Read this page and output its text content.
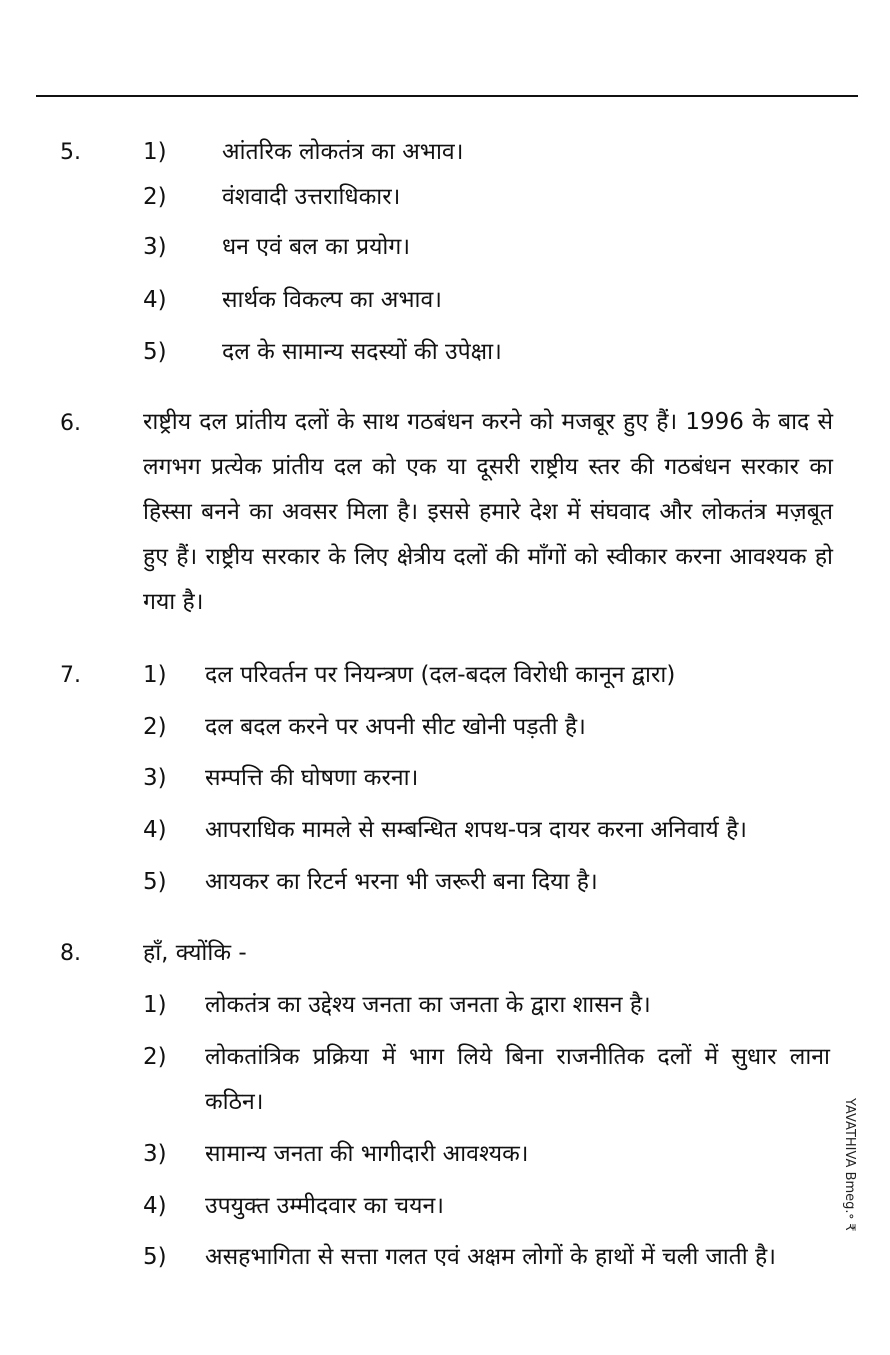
5.	1)	आंतरिक लोकतंत्र का अभाव।
2)	वंशवादी उत्तराधिकार।
3)	धन एवं बल का प्रयोग।
4)	सार्थक विकल्प का अभाव।
5)	दल के सामान्य सदस्यों की उपेक्षा।
6.	राष्ट्रीय दल प्रांतीय दलों के साथ गठबंधन करने को मजबूर हुए हैं। 1996 के बाद से लगभग प्रत्येक प्रांतीय दल को एक या दूसरी राष्ट्रीय स्तर की गठबंधन सरकार का हिस्सा बनने का अवसर मिला है। इससे हमारे देश में संघवाद और लोकतंत्र मज़बूत हुए हैं। राष्ट्रीय सरकार के लिए क्षेत्रीय दलों की माँगों को स्वीकार करना आवश्यक हो गया है।
7.	1)	दल परिवर्तन पर नियन्त्रण (दल-बदल विरोधी कानून द्वारा)
2)	दल बदल करने पर अपनी सीट खोनी पड़ती है।
3)	सम्पत्ति की घोषणा करना।
4)	आपराधिक मामले से सम्बन्धित शपथ-पत्र दायर करना अनिवार्य है।
5)	आयकर का रिटर्न भरना भी जरूरी बना दिया है।
8.	हाँ, क्योंकि -
1)	लोकतंत्र का उद्देश्य जनता का जनता के द्वारा शासन है।
2)	लोकतांत्रिक प्रक्रिया में भाग लिये बिना राजनीतिक दलों में सुधार लाना कठिन।
3)	सामान्य जनता की भागीदारी आवश्यक।
4)	उपयुक्त उम्मीदवार का चयन।
5)	असहभागिता से सत्ता गलत एवं अक्षम लोगों के हाथों में चली जाती है।
YAVATHIVA Bmeg.॰ ₹
